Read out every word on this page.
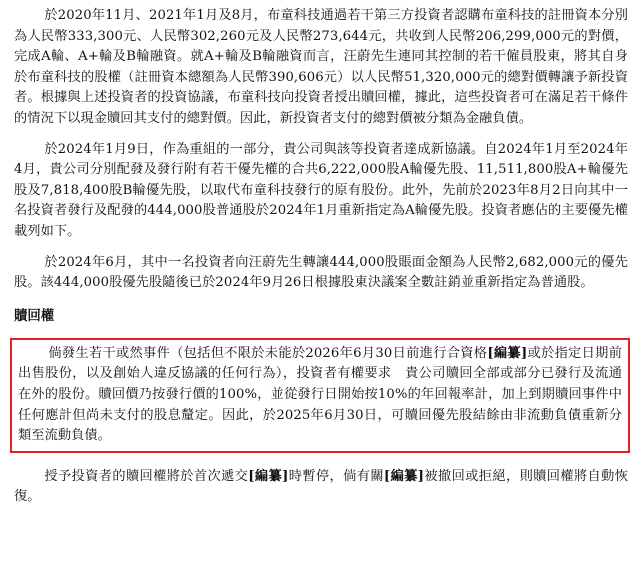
於2020年11月、2021年1月及8月，布童科技通過若干第三方投資者認購布童科技的註冊資本分別為人民幣333,300元、人民幣302,260元及人民幣273,644元，共收到人民幣206,299,000元的對價，完成A輪、A+輪及B輪融資。就A+輪及B輪融資而言，汪蔚先生連同其控制的若干僱員股東，將其自身於布童科技的股權（註冊資本總額為人民幣390,606元）以人民幣51,320,000元的總對價轉讓予新投資者。根據與上述投資者的投資協議，布童科技向投資者授出贖回權，據此，這些投資者可在滿足若干條件的情況下以現金贖回其支付的總對價。因此，新投資者支付的總對價被分類為金融負債。

於2024年1月9日，作為重組的一部分，貴公司與該等投資者達成新協議。自2024年1月至2024年4月，貴公司分別配發及發行附有若干優先權的合共6,222,000股A輪優先股、11,511,800股A+輪優先股及7,818,400股B輪優先股，以取代布童科技發行的原有股份。此外，先前於2023年8月2日向其中一名投資者發行及配發的444,000股普通股於2024年1月重新指定為A輪優先股。投資者應佔的主要優先權載列如下。

於2024年6月，其中一名投資者向汪蔚先生轉讓444,000股賬面金額為人民幣2,682,000元的優先股。該444,000股優先股隨後已於2024年9月26日根據股東決議案全數註銷並重新指定為普通股。

贖回權

倘發生若干或然事件（包括但不限於未能於2026年6月30日前進行合資格[編纂]或於指定日期前出售股份，以及創始人違反協議的任何行為），投資者有權要求　貴公司贖回全部或部分已發行及流通在外的股份。贖回價乃按發行價的100%，並從發行日開始按10%的年回報率計，加上到期贖回事件中任何應計但尚未支付的股息釐定。因此，於2025年6月30日，可贖回優先股結餘由非流動負債重新分類至流動負債。

授予投資者的贖回權將於首次遞交[編纂]時暫停，倘有關[編纂]被撤回或拒絕，則贖回權將自動恢復。
